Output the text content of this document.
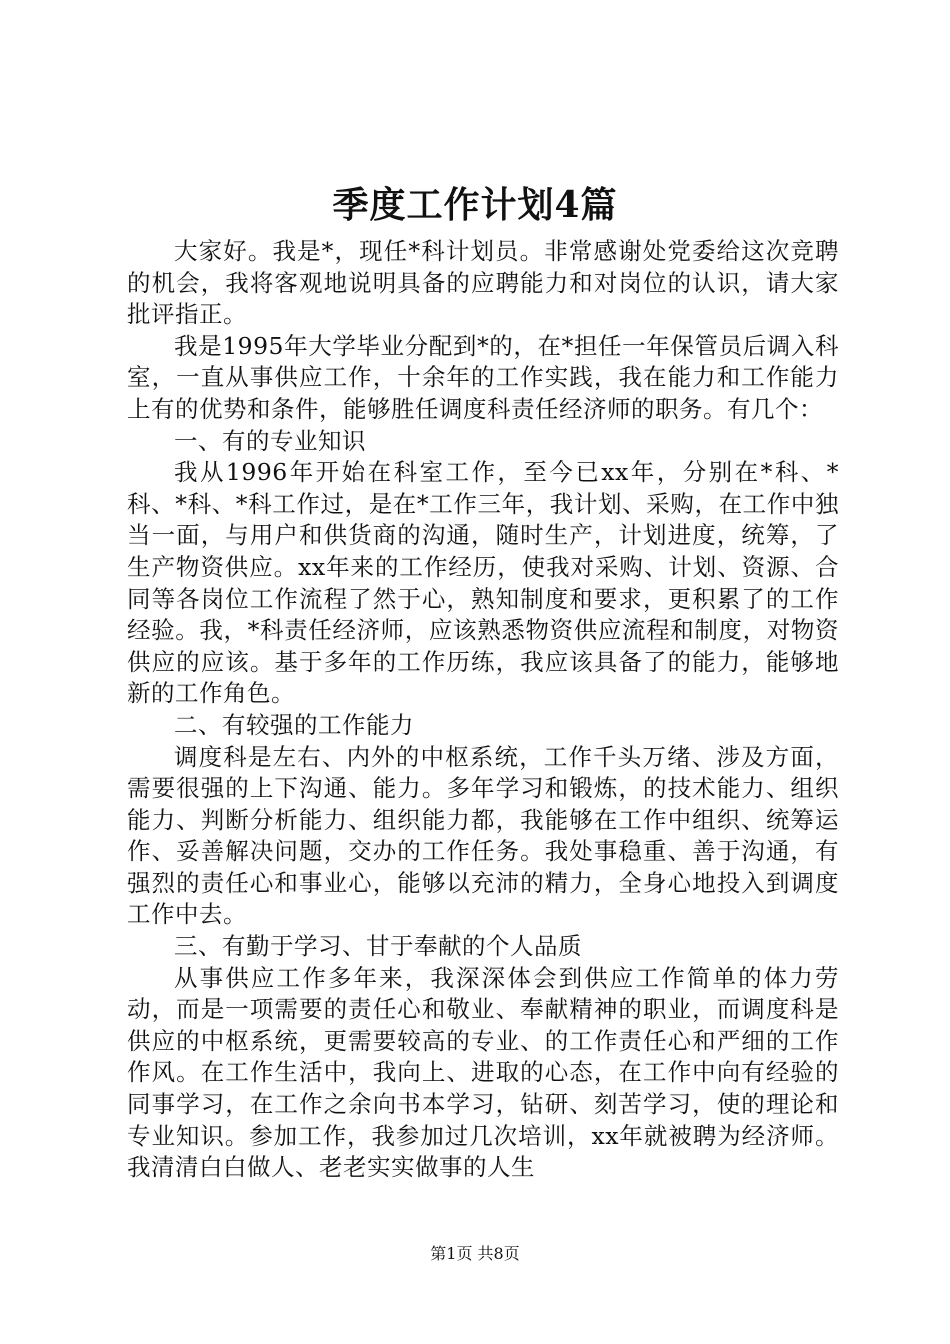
季度工作计划4篇

大家好。我是*，现任*科计划员。非常感谢处党委给这次竞聘的机会，我将客观地说明具备的应聘能力和对岗位的认识，请大家批评指正。

我是1995年大学毕业分配到*的，在*担任一年保管员后调入科室，一直从事供应工作，十余年的工作实践，我在能力和工作能力上有的优势和条件，能够胜任调度科责任经济师的职务。有几个：

一、有的专业知识

我从1996年开始在科室工作，至今已xx年，分别在*科、*科、*科、*科工作过，是在*工作三年，我计划、采购，在工作中独当一面，与用户和供货商的沟通，随时生产，计划进度，统筹，了生产物资供应。xx年来的工作经历，使我对采购、计划、资源、合同等各岗位工作流程了然于心，熟知制度和要求，更积累了的工作经验。我，*科责任经济师，应该熟悉物资供应流程和制度，对物资供应的应该。基于多年的工作历练，我应该具备了的能力，能够地新的工作角色。

二、有较强的工作能力

调度科是左右、内外的中枢系统，工作千头万绪、涉及方面，需要很强的上下沟通、能力。多年学习和锻炼，的技术能力、组织能力、判断分析能力、组织能力都，我能够在工作中组织、统筹运作、妥善解决问题，交办的工作任务。我处事稳重、善于沟通，有强烈的责任心和事业心，能够以充沛的精力，全身心地投入到调度工作中去。

三、有勤于学习、甘于奉献的个人品质

从事供应工作多年来，我深深体会到供应工作简单的体力劳动，而是一项需要的责任心和敬业、奉献精神的职业，而调度科是供应的中枢系统，更需要较高的专业、的工作责任心和严细的工作作风。在工作生活中，我向上、进取的心态，在工作中向有经验的同事学习，在工作之余向书本学习，钻研、刻苦学习，使的理论和专业知识。参加工作，我参加过几次培训，xx年就被聘为经济师。我清清白白做人、老老实实做事的人生

第1页 共8页
